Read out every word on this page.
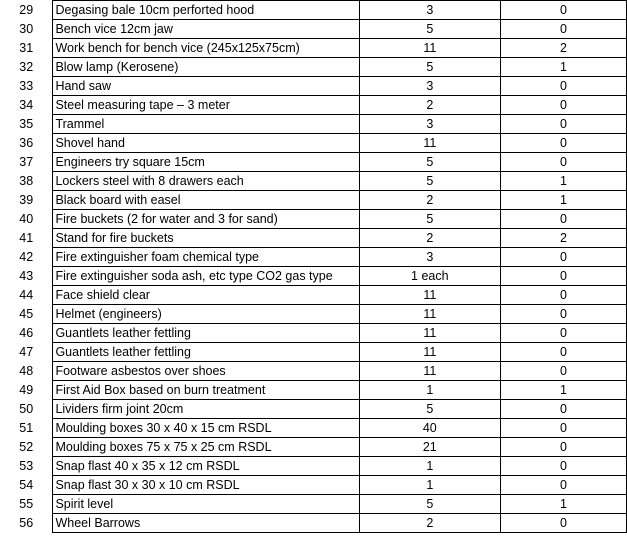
29	Degasing bale 10cm perforted hood	3	0
30	Bench vice 12cm jaw	5	0
31	Work bench for bench vice (245x125x75cm)	11	2
32	Blow lamp (Kerosene)	5	1
33	Hand saw	3	0
34	Steel measuring tape – 3 meter	2	0
35	Trammel	3	0
36	Shovel hand	11	0
37	Engineers try square 15cm	5	0
38	Lockers steel with 8 drawers each	5	1
39	Black board with easel	2	1
40	Fire buckets (2 for water and 3 for sand)	5	0
41	Stand for fire buckets	2	2
42	Fire extinguisher foam chemical type	3	0
43	Fire extinguisher soda ash, etc type CO2 gas type	1 each	0
44	Face shield clear	11	0
45	Helmet (engineers)	11	0
46	Guantlets leather fettling	11	0
47	Guantlets leather fettling	11	0
48	Footware asbestos over shoes	11	0
49	First Aid Box based on burn treatment	1	1
50	Lividers firm joint 20cm	5	0
51	Moulding boxes 30 x 40 x 15 cm RSDL	40	0
52	Moulding boxes 75 x 75 x 25 cm RSDL	21	0
53	Snap flast 40 x 35 x 12 cm RSDL	1	0
54	Snap flast 30 x 30 x 10 cm RSDL	1	0
55	Spirit level	5	1
56	Wheel Barrows	2	0
